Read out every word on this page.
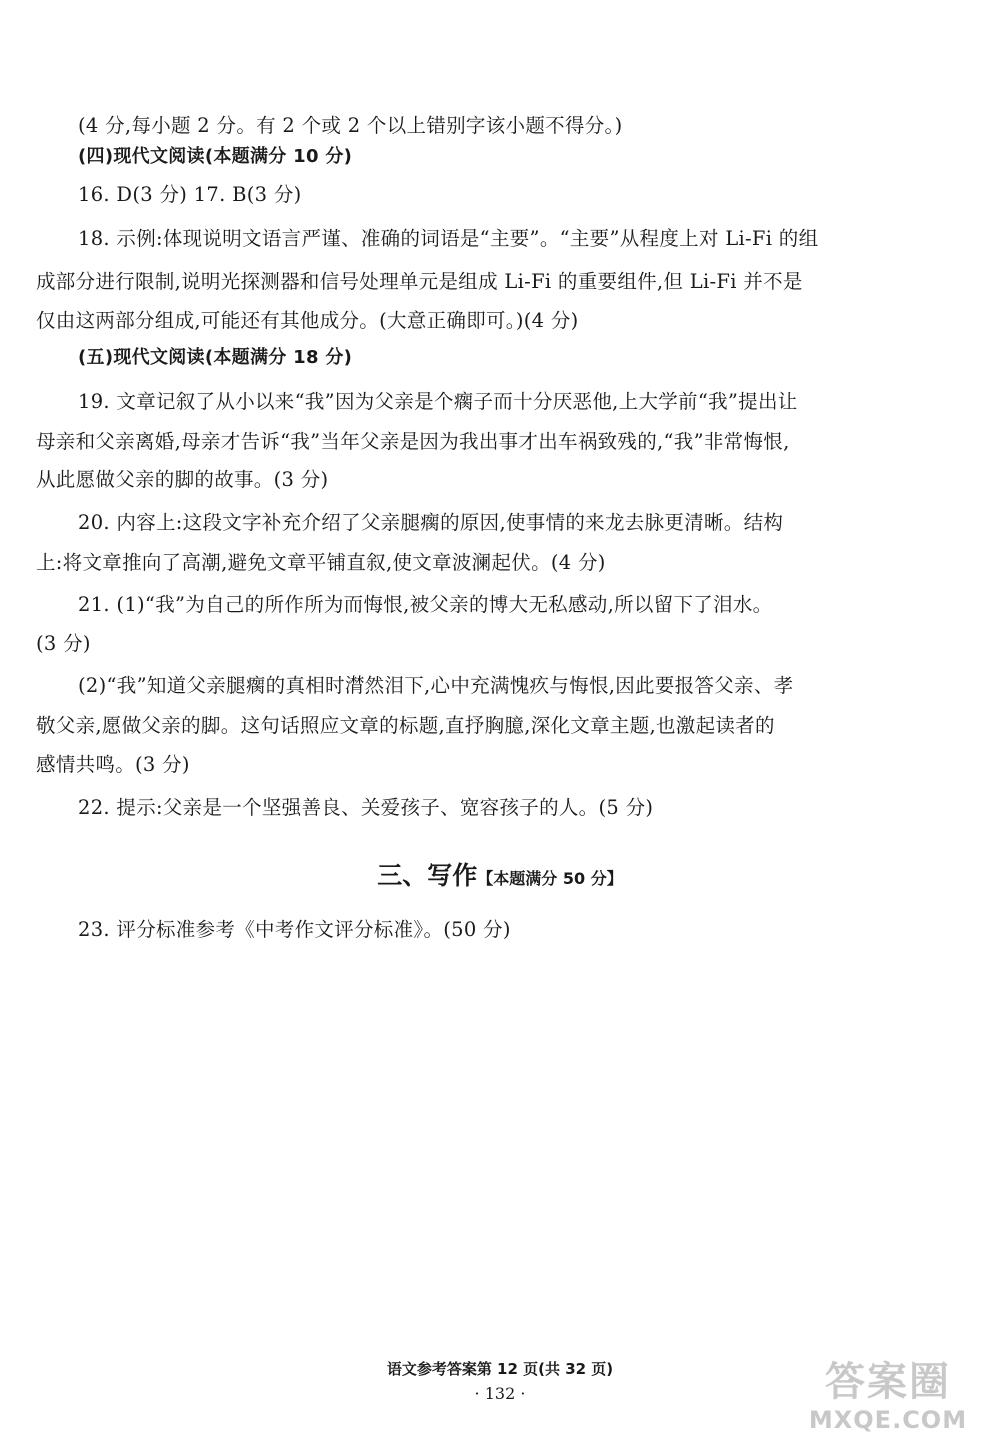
(4 分,每小题 2 分。有 2 个或 2 个以上错别字该小题不得分。)
(四)现代文阅读(本题满分 10 分)
16. D(3 分) 17. B(3 分)
18. 示例:体现说明文语言严谨、准确的词语是“主要”。“主要”从程度上对 Li-Fi 的组
成部分进行限制,说明光探测器和信号处理单元是组成 Li-Fi 的重要组件,但 Li-Fi 并不是
仅由这两部分组成,可能还有其他成分。(大意正确即可。)(4 分)
(五)现代文阅读(本题满分 18 分)
19. 文章记叙了从小以来“我”因为父亲是个瘸子而十分厌恶他,上大学前“我”提出让
母亲和父亲离婚,母亲才告诉“我”当年父亲是因为我出事才出车祸致残的,“我”非常悔恨,
从此愿做父亲的脚的故事。(3 分)
20. 内容上:这段文字补充介绍了父亲腿瘸的原因,使事情的来龙去脉更清晰。结构
上:将文章推向了高潮,避免文章平铺直叙,使文章波澜起伏。(4 分)
21. (1)“我”为自己的所作所为而悔恨,被父亲的博大无私感动,所以留下了泪水。
(3 分)
(2)“我”知道父亲腿瘸的真相时潸然泪下,心中充满愧疚与悔恨,因此要报答父亲、孝
敬父亲,愿做父亲的脚。这句话照应文章的标题,直抒胸臆,深化文章主题,也激起读者的
感情共鸣。(3 分)
22. 提示:父亲是一个坚强善良、关爱孩子、宽容孩子的人。(5 分)
三、写作【本题满分 50 分】
23. 评分标准参考《中考作文评分标准》。(50 分)
语文参考答案第 12 页(共 32 页)
· 132 ·	答案圈
MXQE.COM
